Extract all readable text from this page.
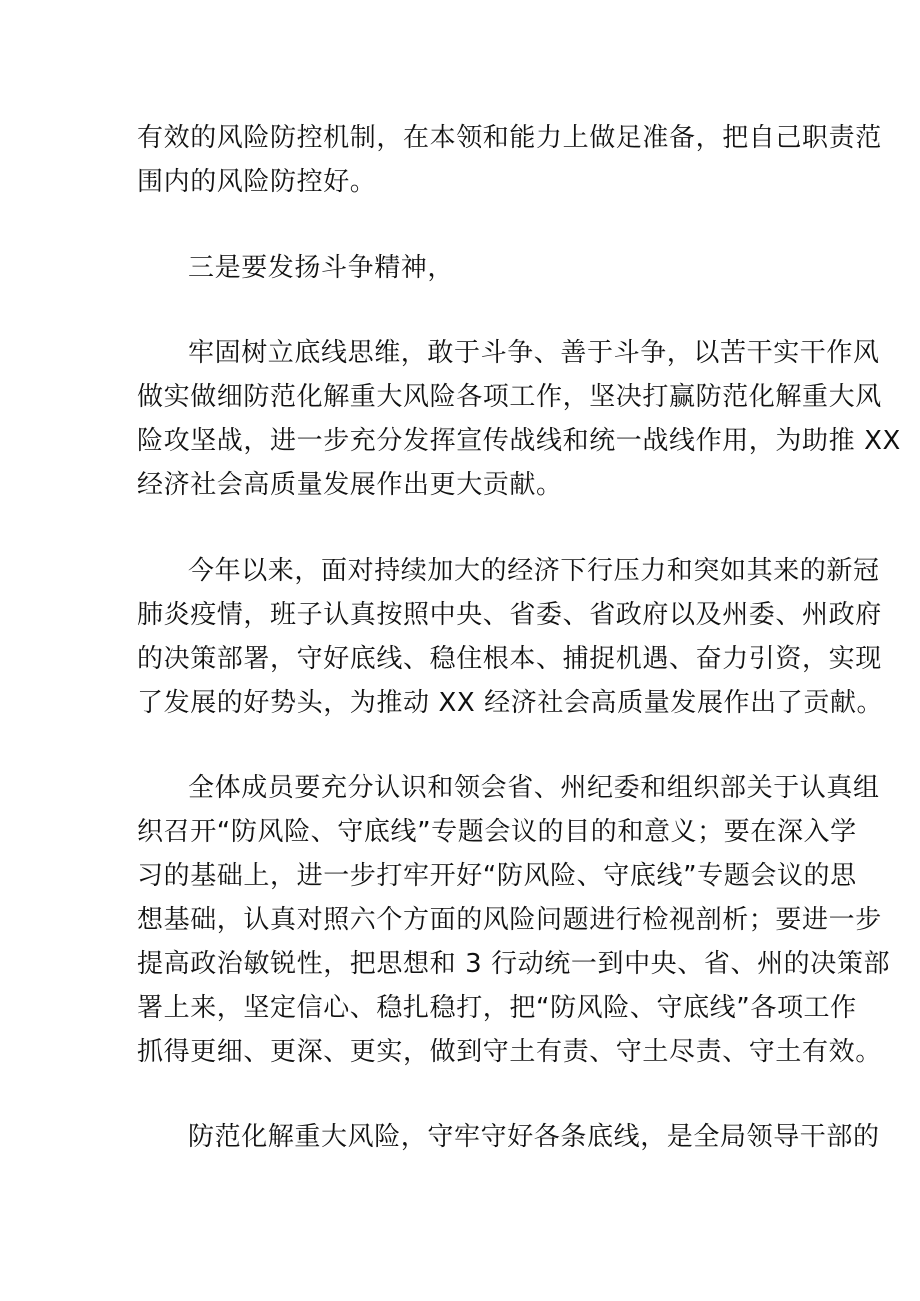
有效的风险防控机制，在本领和能力上做足准备，把自己职责范
围内的风险防控好。
三是要发扬斗争精神，
牢固树立底线思维，敢于斗争、善于斗争，以苦干实干作风
做实做细防范化解重大风险各项工作，坚决打赢防范化解重大风
险攻坚战，进一步充分发挥宣传战线和统一战线作用，为助推 XX
经济社会高质量发展作出更大贡献。
今年以来，面对持续加大的经济下行压力和突如其来的新冠
肺炎疫情，班子认真按照中央、省委、省政府以及州委、州政府
的决策部署，守好底线、稳住根本、捕捉机遇、奋力引资，实现
了发展的好势头，为推动 XX 经济社会高质量发展作出了贡献。
全体成员要充分认识和领会省、州纪委和组织部关于认真组
织召开“防风险、守底线”专题会议的目的和意义；要在深入学
习的基础上，进一步打牢开好“防风险、守底线”专题会议的思
想基础，认真对照六个方面的风险问题进行检视剖析；要进一步
提高政治敏锐性，把思想和 3 行动统一到中央、省、州的决策部
署上来，坚定信心、稳扎稳打，把“防风险、守底线”各项工作
抓得更细、更深、更实，做到守土有责、守土尽责、守土有效。
防范化解重大风险，守牢守好各条底线，是全局领导干部的
